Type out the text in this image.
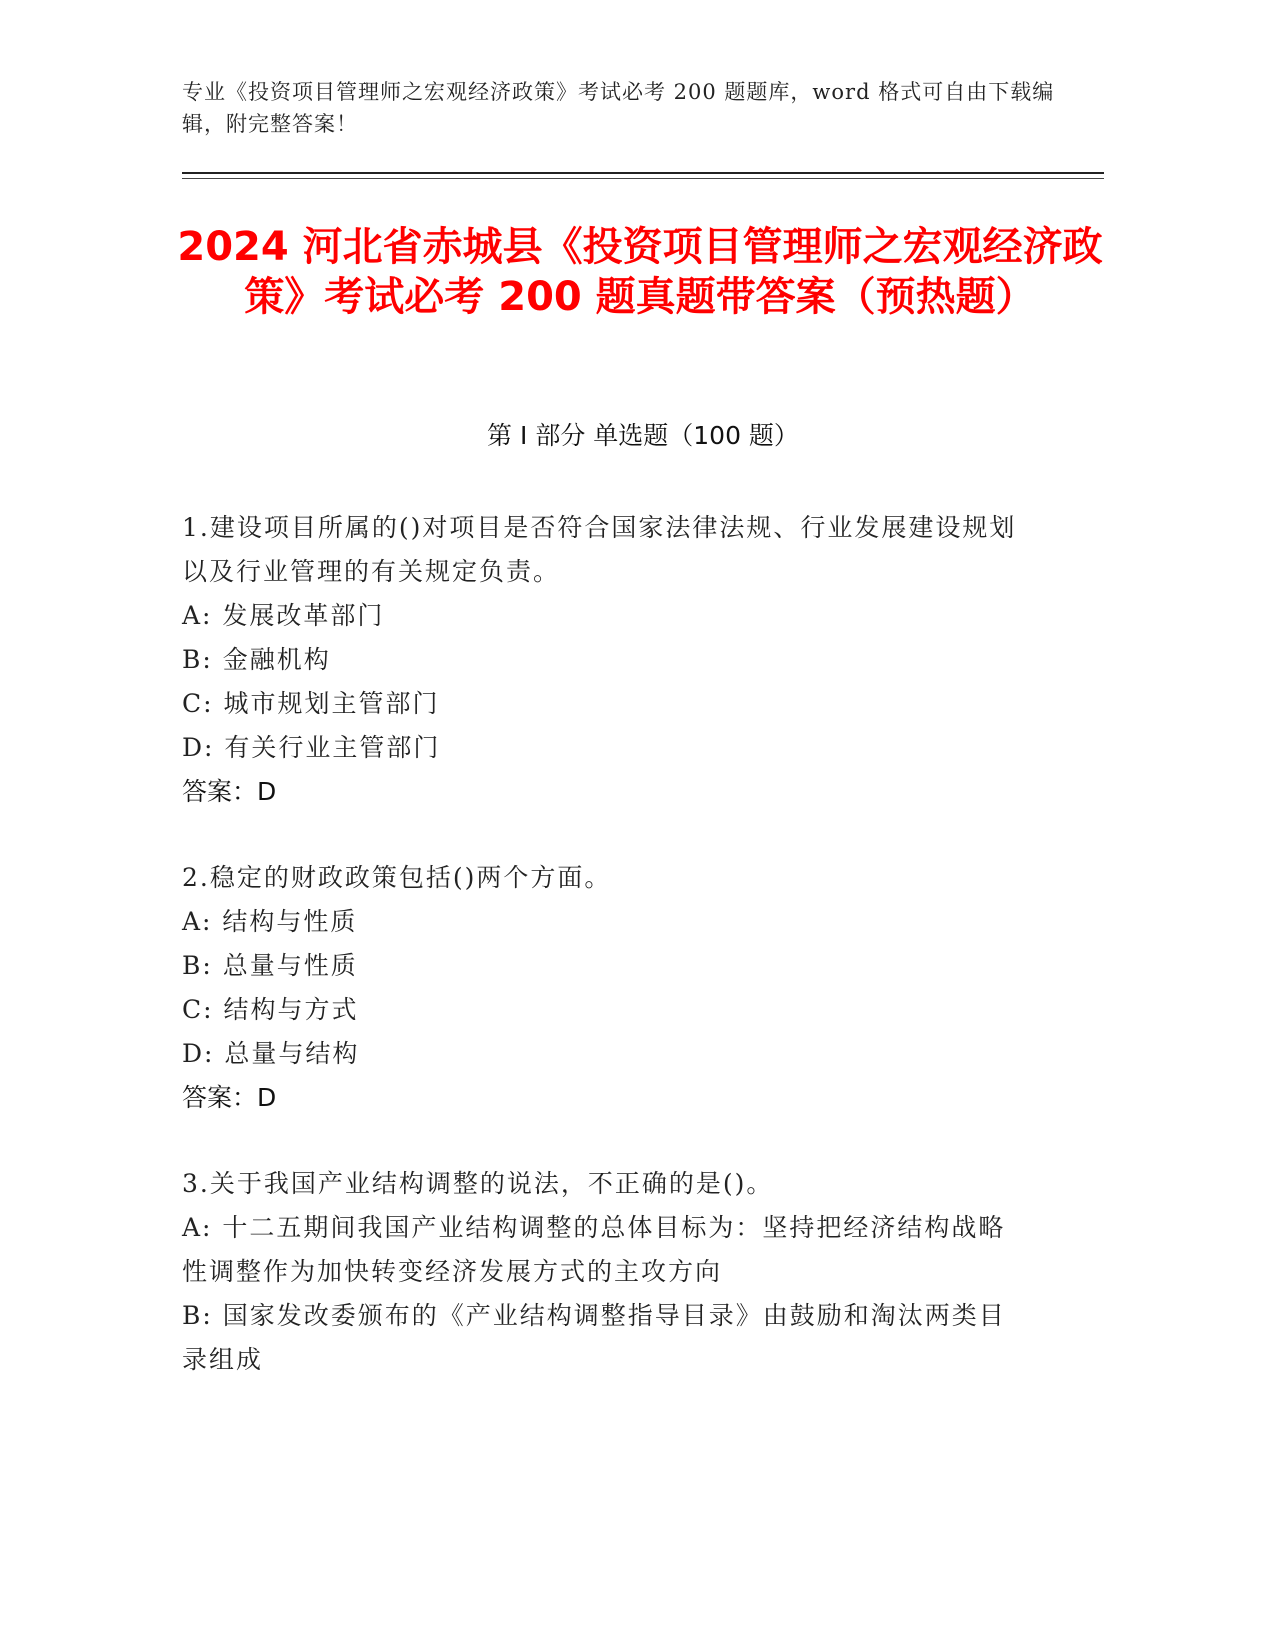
专业《投资项目管理师之宏观经济政策》考试必考 200 题题库，word 格式可自由下载编辑，附完整答案！
2024 河北省赤城县《投资项目管理师之宏观经济政策》考试必考 200 题真题带答案（预热题）
第 I 部分 单选题（100 题）

1.建设项目所属的()对项目是否符合国家法律法规、行业发展建设规划以及行业管理的有关规定负责。

A: 发展改革部门

B: 金融机构

C: 城市规划主管部门

D: 有关行业主管部门

答案：D

2.稳定的财政政策包括()两个方面。

A: 结构与性质

B: 总量与性质

C: 结构与方式

D: 总量与结构

答案：D

3.关于我国产业结构调整的说法，不正确的是()。

A: 十二五期间我国产业结构调整的总体目标为：坚持把经济结构战略性调整作为加快转变经济发展方式的主攻方向

B: 国家发改委颁布的《产业结构调整指导目录》由鼓励和淘汰两类目录组成
